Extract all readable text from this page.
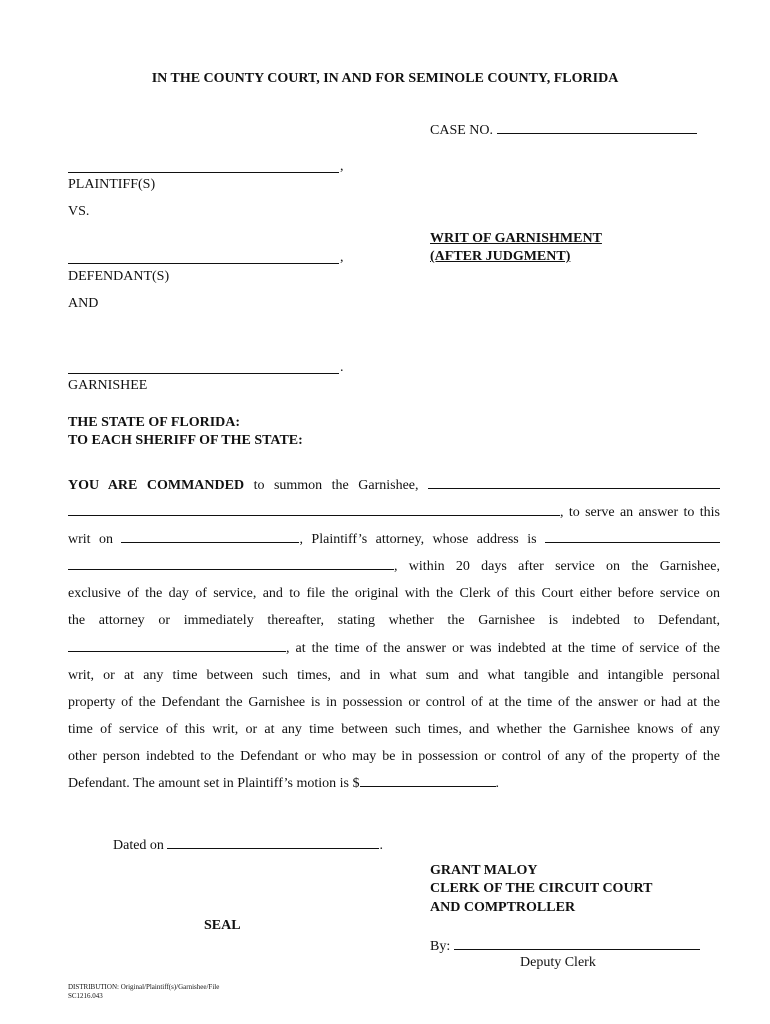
IN THE COUNTY COURT, IN AND FOR SEMINOLE COUNTY, FLORIDA
CASE NO.
,
PLAINTIFF(S)
VS.
WRIT OF GARNISHMENT
(AFTER JUDGMENT)
,
DEFENDANT(S)
AND
.
GARNISHEE
THE STATE OF FLORIDA:
TO EACH SHERIFF OF THE STATE:
YOU ARE COMMANDED to summon the Garnishee,
, to serve an answer to this
writ on	, Plaintiff’s attorney, whose address is
, within 20 days after service on the Garnishee,
exclusive of the day of service, and to file the original with the Clerk of this Court either before service on
the attorney or immediately thereafter, stating whether the Garnishee is indebted to Defendant,
, at the time of the answer or was indebted at the time of service of the
writ, or at any time between such times, and in what sum and what tangible and intangible personal
property of the Defendant the Garnishee is in possession or control of at the time of the answer or had at the
time of service of this writ, or at any time between such times, and whether the Garnishee knows of any
other person indebted to the Defendant or who may be in possession or control of any of the property of the
Defendant. The amount set in Plaintiff’s motion is $	.
Dated on	.
GRANT MALOY
CLERK OF THE CIRCUIT COURT
AND COMPTROLLER
SEAL
By:
Deputy Clerk
DISTRIBUTION: Original/Plaintiff(s)/Garnishee/File
SC1216.043
